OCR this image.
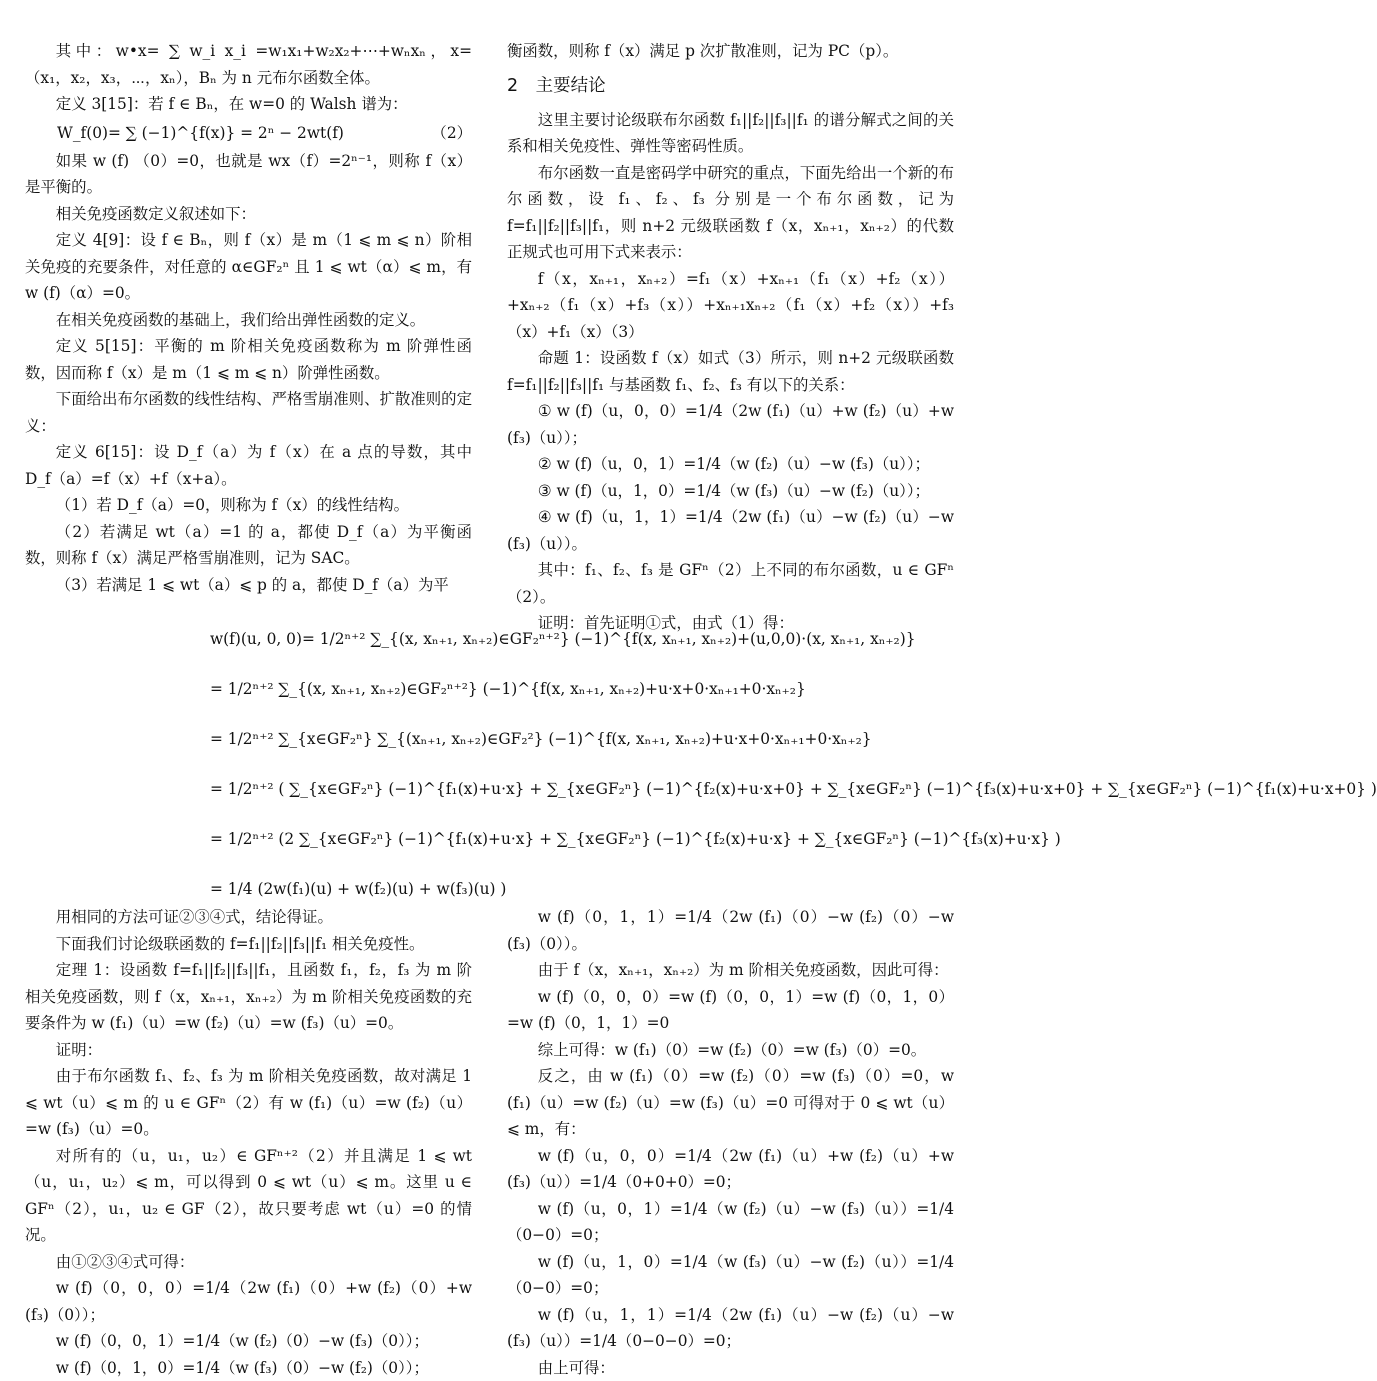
其中：w•x= ∑ w_i x_i =w₁x₁+w₂x₂+⋯+wₙxₙ，x=（x₁，x₂，x₃，⋯，xₙ），Bₙ 为 n 元布尔函数全体。

定义 3[15]：若 f ∈ Bₙ，在 w=0 的 Walsh 谱为：

W_f(0)= ∑ (−1)^{f(x)} = 2ⁿ − 2wt(f)	（2）

如果 w (f) （0）=0，也就是 wx（f）=2ⁿ⁻¹，则称 f（x）是平衡的。

相关免疫函数定义叙述如下：

定义 4[9]：设 f ∈ Bₙ，则 f（x）是 m（1 ⩽ m ⩽ n）阶相关免疫的充要条件，对任意的 α∈GF₂ⁿ 且 1 ⩽ wt（α）⩽ m，有 w (f)（α）=0。

在相关免疫函数的基础上，我们给出弹性函数的定义。

定义 5[15]：平衡的 m 阶相关免疫函数称为 m 阶弹性函数，因而称 f（x）是 m（1 ⩽ m ⩽ n）阶弹性函数。

下面给出布尔函数的线性结构、严格雪崩准则、扩散准则的定义：

定义 6[15]：设 D_f（a）为 f（x）在 a 点的导数，其中 D_f（a）=f（x）+f（x+a）。

（1）若 D_f（a）=0，则称为 f（x）的线性结构。

（2）若满足 wt（a）=1 的 a，都使 D_f（a）为平衡函数，则称 f（x）满足严格雪崩准则，记为 SAC。

（3）若满足 1 ⩽ wt（a）⩽ p 的 a，都使 D_f（a）为平

衡函数，则称 f（x）满足 p 次扩散准则，记为 PC（p）。

2　主要结论

这里主要讨论级联布尔函数 f₁||f₂||f₃||f₁ 的谱分解式之间的关系和相关免疫性、弹性等密码性质。

布尔函数一直是密码学中研究的重点，下面先给出一个新的布尔函数，设 f₁、f₂、f₃ 分别是一个布尔函数，记为 f=f₁||f₂||f₃||f₁，则 n+2 元级联函数 f（x，xₙ₊₁，xₙ₊₂）的代数正规式也可用下式来表示：

f（x，xₙ₊₁，xₙ₊₂）=f₁（x）+xₙ₊₁（f₁（x）+f₂（x））+xₙ₊₂（f₁（x）+f₃（x））+xₙ₊₁xₙ₊₂（f₁（x）+f₂（x））+f₃（x）+f₁（x）（3）

命题 1：设函数 f（x）如式（3）所示，则 n+2 元级联函数 f=f₁||f₂||f₃||f₁ 与基函数 f₁、f₂、f₃ 有以下的关系：

① w (f)（u，0，0）=1/4（2w (f₁)（u）+w (f₂)（u）+w (f₃)（u））；

② w (f)（u，0，1）=1/4（w (f₂)（u）−w (f₃)（u））；

③ w (f)（u，1，0）=1/4（w (f₃)（u）−w (f₂)（u））；

④ w (f)（u，1，1）=1/4（2w (f₁)（u）−w (f₂)（u）−w (f₃)（u））。

其中：f₁、f₂、f₃ 是 GFⁿ（2）上不同的布尔函数，u ∈ GFⁿ（2）。

证明：首先证明①式，由式（1）得：

w(f)(u, 0, 0)= 1/2ⁿ⁺² ∑_{(x, xₙ₊₁, xₙ₊₂)∈GF₂ⁿ⁺²} (−1)^{f(x, xₙ₊₁, xₙ₊₂)+(u,0,0)·(x, xₙ₊₁, xₙ₊₂)}
= 1/2ⁿ⁺² ∑_{(x, xₙ₊₁, xₙ₊₂)∈GF₂ⁿ⁺²} (−1)^{f(x, xₙ₊₁, xₙ₊₂)+u·x+0·xₙ₊₁+0·xₙ₊₂}
= 1/2ⁿ⁺² ∑_{x∈GF₂ⁿ} ∑_{(xₙ₊₁, xₙ₊₂)∈GF₂²} (−1)^{f(x, xₙ₊₁, xₙ₊₂)+u·x+0·xₙ₊₁+0·xₙ₊₂}
= 1/2ⁿ⁺² ( ∑_{x∈GF₂ⁿ} (−1)^{f₁(x)+u·x} + ∑_{x∈GF₂ⁿ} (−1)^{f₂(x)+u·x+0} + ∑_{x∈GF₂ⁿ} (−1)^{f₃(x)+u·x+0} + ∑_{x∈GF₂ⁿ} (−1)^{f₁(x)+u·x+0} )
= 1/2ⁿ⁺² (2 ∑_{x∈GF₂ⁿ} (−1)^{f₁(x)+u·x} + ∑_{x∈GF₂ⁿ} (−1)^{f₂(x)+u·x} + ∑_{x∈GF₂ⁿ} (−1)^{f₃(x)+u·x} )
= 1/4 (2w(f₁)(u) + w(f₂)(u) + w(f₃)(u) )

用相同的方法可证②③④式，结论得证。

下面我们讨论级联函数的 f=f₁||f₂||f₃||f₁ 相关免疫性。

定理 1：设函数 f=f₁||f₂||f₃||f₁，且函数 f₁，f₂，f₃ 为 m 阶相关免疫函数，则 f（x，xₙ₊₁，xₙ₊₂）为 m 阶相关免疫函数的充要条件为 w (f₁)（u）=w (f₂)（u）=w (f₃)（u）=0。

证明：

由于布尔函数 f₁、f₂、f₃ 为 m 阶相关免疫函数，故对满足 1 ⩽ wt（u）⩽ m 的 u ∈ GFⁿ（2）有 w (f₁)（u）=w (f₂)（u）=w (f₃)（u）=0。

对所有的（u，u₁，u₂）∈ GFⁿ⁺²（2）并且满足 1 ⩽ wt（u，u₁，u₂）⩽ m，可以得到 0 ⩽ wt（u）⩽ m。这里 u ∈ GFⁿ（2），u₁，u₂ ∈ GF（2），故只要考虑 wt（u）=0 的情况。

由①②③④式可得：

w (f)（0，0，0）=1/4（2w (f₁)（0）+w (f₂)（0）+w (f₃)（0））；

w (f)（0，0，1）=1/4（w (f₂)（0）−w (f₃)（0））；

w (f)（0，1，0）=1/4（w (f₃)（0）−w (f₂)（0））；

w (f)（0，1，1）=1/4（2w (f₁)（0）−w (f₂)（0）−w (f₃)（0））。

由于 f（x，xₙ₊₁，xₙ₊₂）为 m 阶相关免疫函数，因此可得：

w (f)（0，0，0）=w (f)（0，0，1）=w (f)（0，1，0）=w (f)（0，1，1）=0

综上可得：w (f₁)（0）=w (f₂)（0）=w (f₃)（0）=0。

反之，由 w (f₁)（0）=w (f₂)（0）=w (f₃)（0）=0，w (f₁)（u）=w (f₂)（u）=w (f₃)（u）=0 可得对于 0 ⩽ wt（u）⩽ m，有：

w (f)（u，0，0）=1/4（2w (f₁)（u）+w (f₂)（u）+w (f₃)（u））=1/4（0+0+0）=0；

w (f)（u，0，1）=1/4（w (f₂)（u）−w (f₃)（u））=1/4（0−0）=0；

w (f)（u，1，0）=1/4（w (f₃)（u）−w (f₂)（u））=1/4（0−0）=0；

w (f)（u，1，1）=1/4（2w (f₁)（u）−w (f₂)（u）−w (f₃)（u））=1/4（0−0−0）=0；

由上可得：
